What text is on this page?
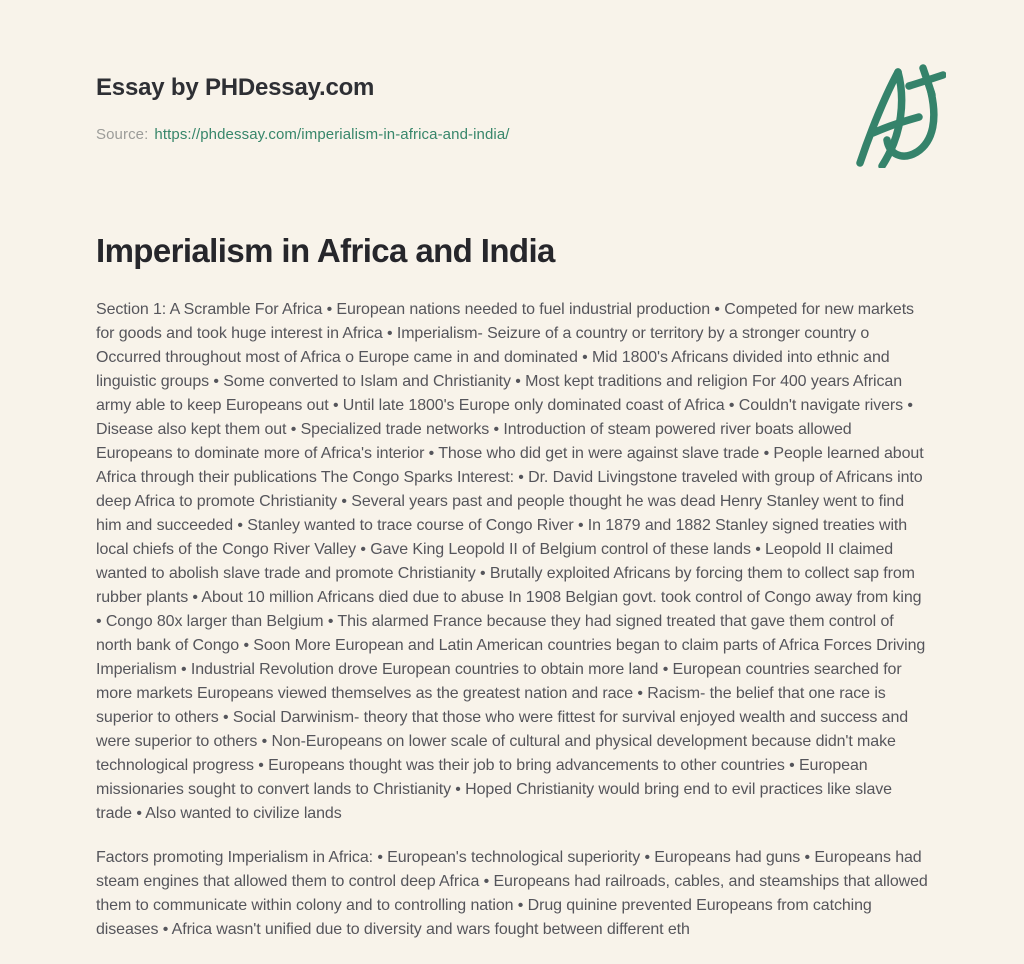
Essay by PHDessay.com
Source: https://phdessay.com/imperialism-in-africa-and-india/
Imperialism in Africa and India

Section 1: A Scramble For Africa • European nations needed to fuel industrial production • Competed for new markets for goods and took huge interest in Africa • Imperialism- Seizure of a country or territory by a stronger country o Occurred throughout most of Africa o Europe came in and dominated • Mid 1800's Africans divided into ethnic and linguistic groups • Some converted to Islam and Christianity • Most kept traditions and religion For 400 years African army able to keep Europeans out • Until late 1800's Europe only dominated coast of Africa • Couldn't navigate rivers • Disease also kept them out • Specialized trade networks • Introduction of steam powered river boats allowed Europeans to dominate more of Africa's interior • Those who did get in were against slave trade • People learned about Africa through their publications The Congo Sparks Interest: • Dr. David Livingstone traveled with group of Africans into deep Africa to promote Christianity • Several years past and people thought he was dead Henry Stanley went to find him and succeeded • Stanley wanted to trace course of Congo River • In 1879 and 1882 Stanley signed treaties with local chiefs of the Congo River Valley • Gave King Leopold II of Belgium control of these lands • Leopold II claimed wanted to abolish slave trade and promote Christianity • Brutally exploited Africans by forcing them to collect sap from rubber plants • About 10 million Africans died due to abuse In 1908 Belgian govt. took control of Congo away from king • Congo 80x larger than Belgium • This alarmed France because they had signed treated that gave them control of north bank of Congo • Soon More European and Latin American countries began to claim parts of Africa Forces Driving Imperialism • Industrial Revolution drove European countries to obtain more land • European countries searched for more markets Europeans viewed themselves as the greatest nation and race • Racism- the belief that one race is superior to others • Social Darwinism- theory that those who were fittest for survival enjoyed wealth and success and were superior to others • Non-Europeans on lower scale of cultural and physical development because didn't make technological progress • Europeans thought was their job to bring advancements to other countries • European missionaries sought to convert lands to Christianity • Hoped Christianity would bring end to evil practices like slave trade • Also wanted to civilize lands

Factors promoting Imperialism in Africa: • European's technological superiority • Europeans had guns • Europeans had steam engines that allowed them to control deep Africa • Europeans had railroads, cables, and steamships that allowed them to communicate within colony and to controlling nation • Drug quinine prevented Europeans from catching diseases • Africa wasn't unified due to diversity and wars fought between different eth
